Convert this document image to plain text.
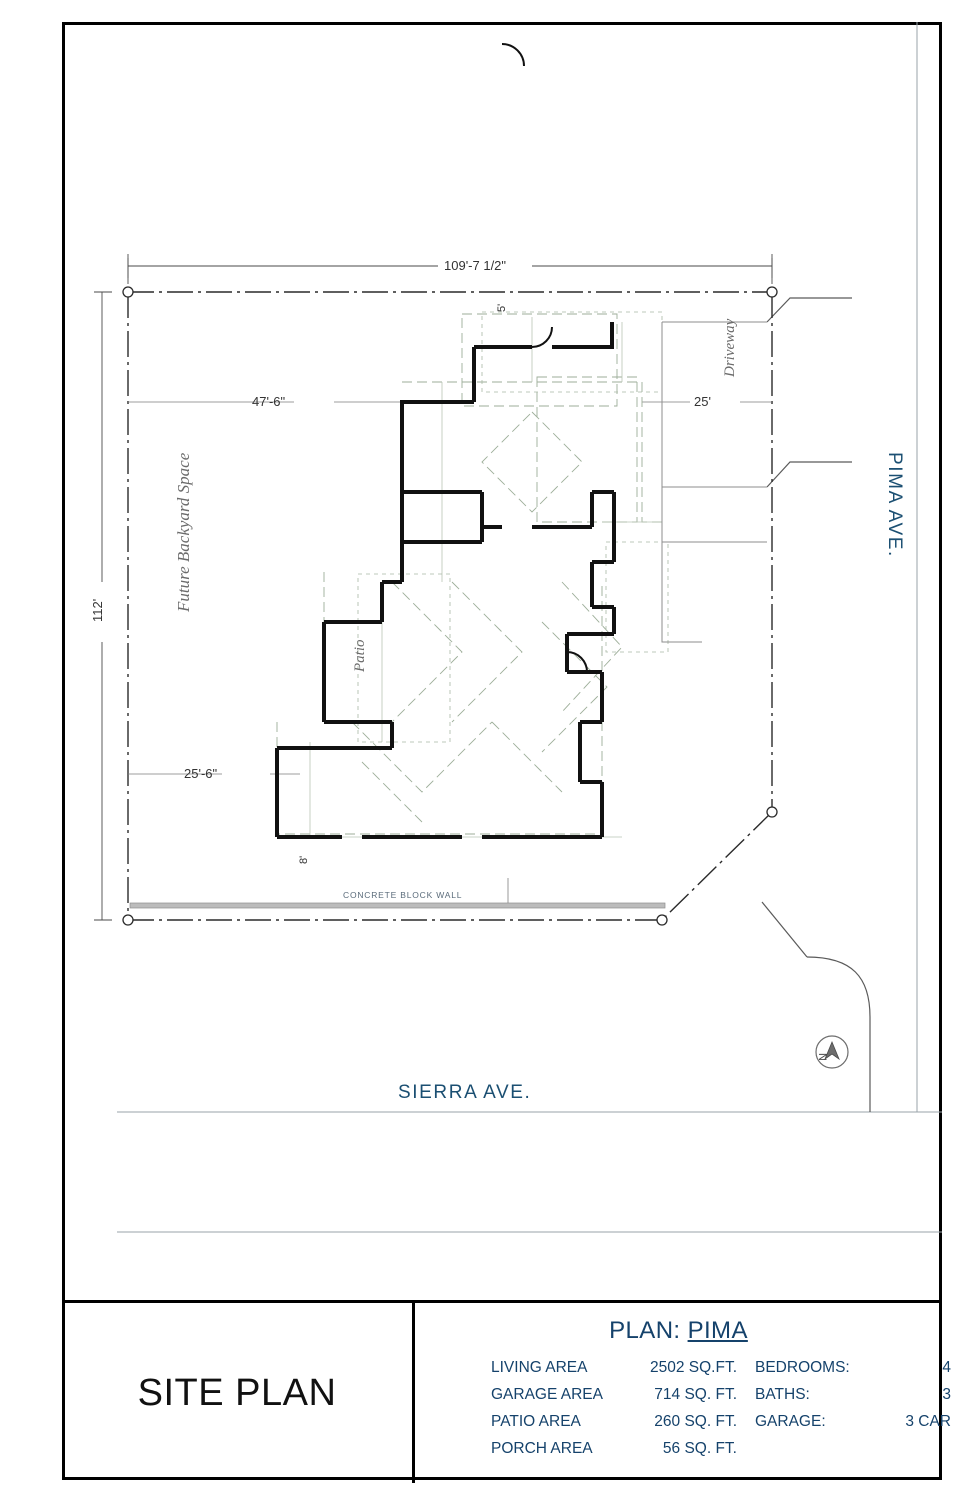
SIERRA AVE.
PIMA AVE.
N
109'-7 1/2"
112'
47'-6"
25'-6"
25'
5'
8'
Future Backyard Space
Patio
Driveway
CONCRETE BLOCK WALL
SITE PLAN
PLAN: PIMA
LIVING AREA	2502 SQ.FT.	BEDROOMS:	4
GARAGE AREA	714 SQ. FT.	BATHS:	3
PATIO AREA	260 SQ. FT.	GARAGE:	3 CAR
PORCH AREA	56 SQ. FT.
